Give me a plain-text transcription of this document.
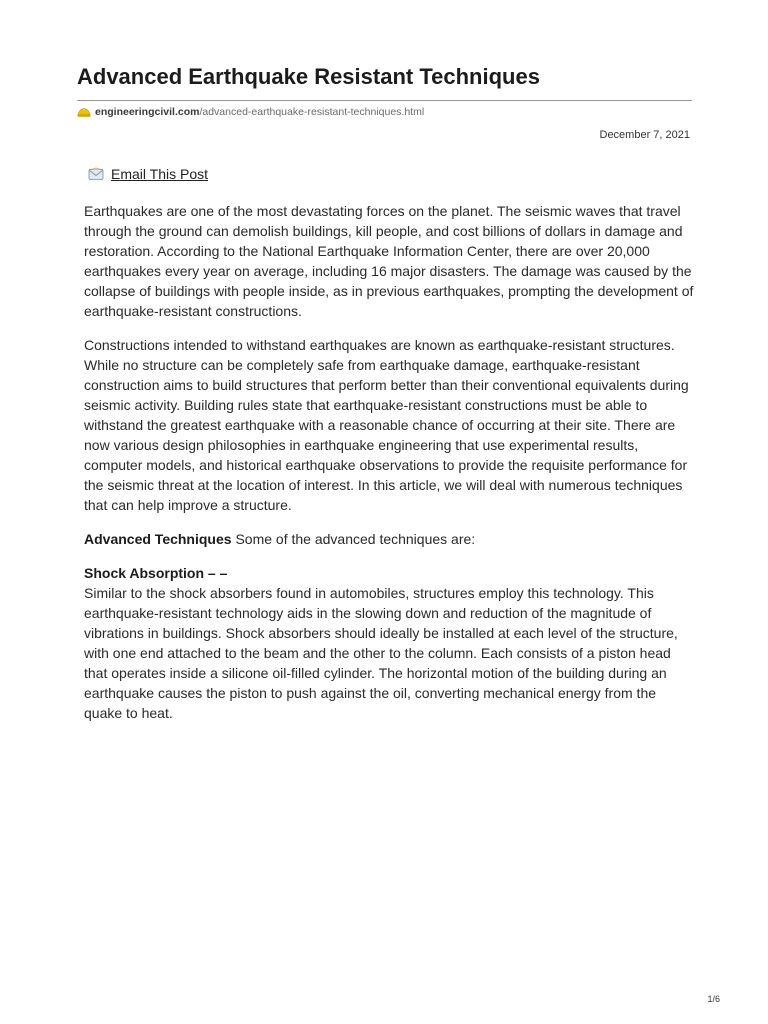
Advanced Earthquake Resistant Techniques
engineeringcivil.com/advanced-earthquake-resistant-techniques.html
December 7, 2021
Email This Post

Earthquakes are one of the most devastating forces on the planet. The seismic waves that travel through the ground can demolish buildings, kill people, and cost billions of dollars in damage and restoration. According to the National Earthquake Information Center, there are over 20,000 earthquakes every year on average, including 16 major disasters. The damage was caused by the collapse of buildings with people inside, as in previous earthquakes, prompting the development of earthquake-resistant constructions.

Constructions intended to withstand earthquakes are known as earthquake-resistant structures. While no structure can be completely safe from earthquake damage, earthquake-resistant construction aims to build structures that perform better than their conventional equivalents during seismic activity. Building rules state that earthquake-resistant constructions must be able to withstand the greatest earthquake with a reasonable chance of occurring at their site. There are now various design philosophies in earthquake engineering that use experimental results, computer models, and historical earthquake observations to provide the requisite performance for the seismic threat at the location of interest. In this article, we will deal with numerous techniques that can help improve a structure.

Advanced Techniques Some of the advanced techniques are:

Shock Absorption – –
Similar to the shock absorbers found in automobiles, structures employ this technology. This earthquake-resistant technology aids in the slowing down and reduction of the magnitude of vibrations in buildings. Shock absorbers should ideally be installed at each level of the structure, with one end attached to the beam and the other to the column. Each consists of a piston head that operates inside a silicone oil-filled cylinder. The horizontal motion of the building during an earthquake causes the piston to push against the oil, converting mechanical energy from the quake to heat.
1/6
